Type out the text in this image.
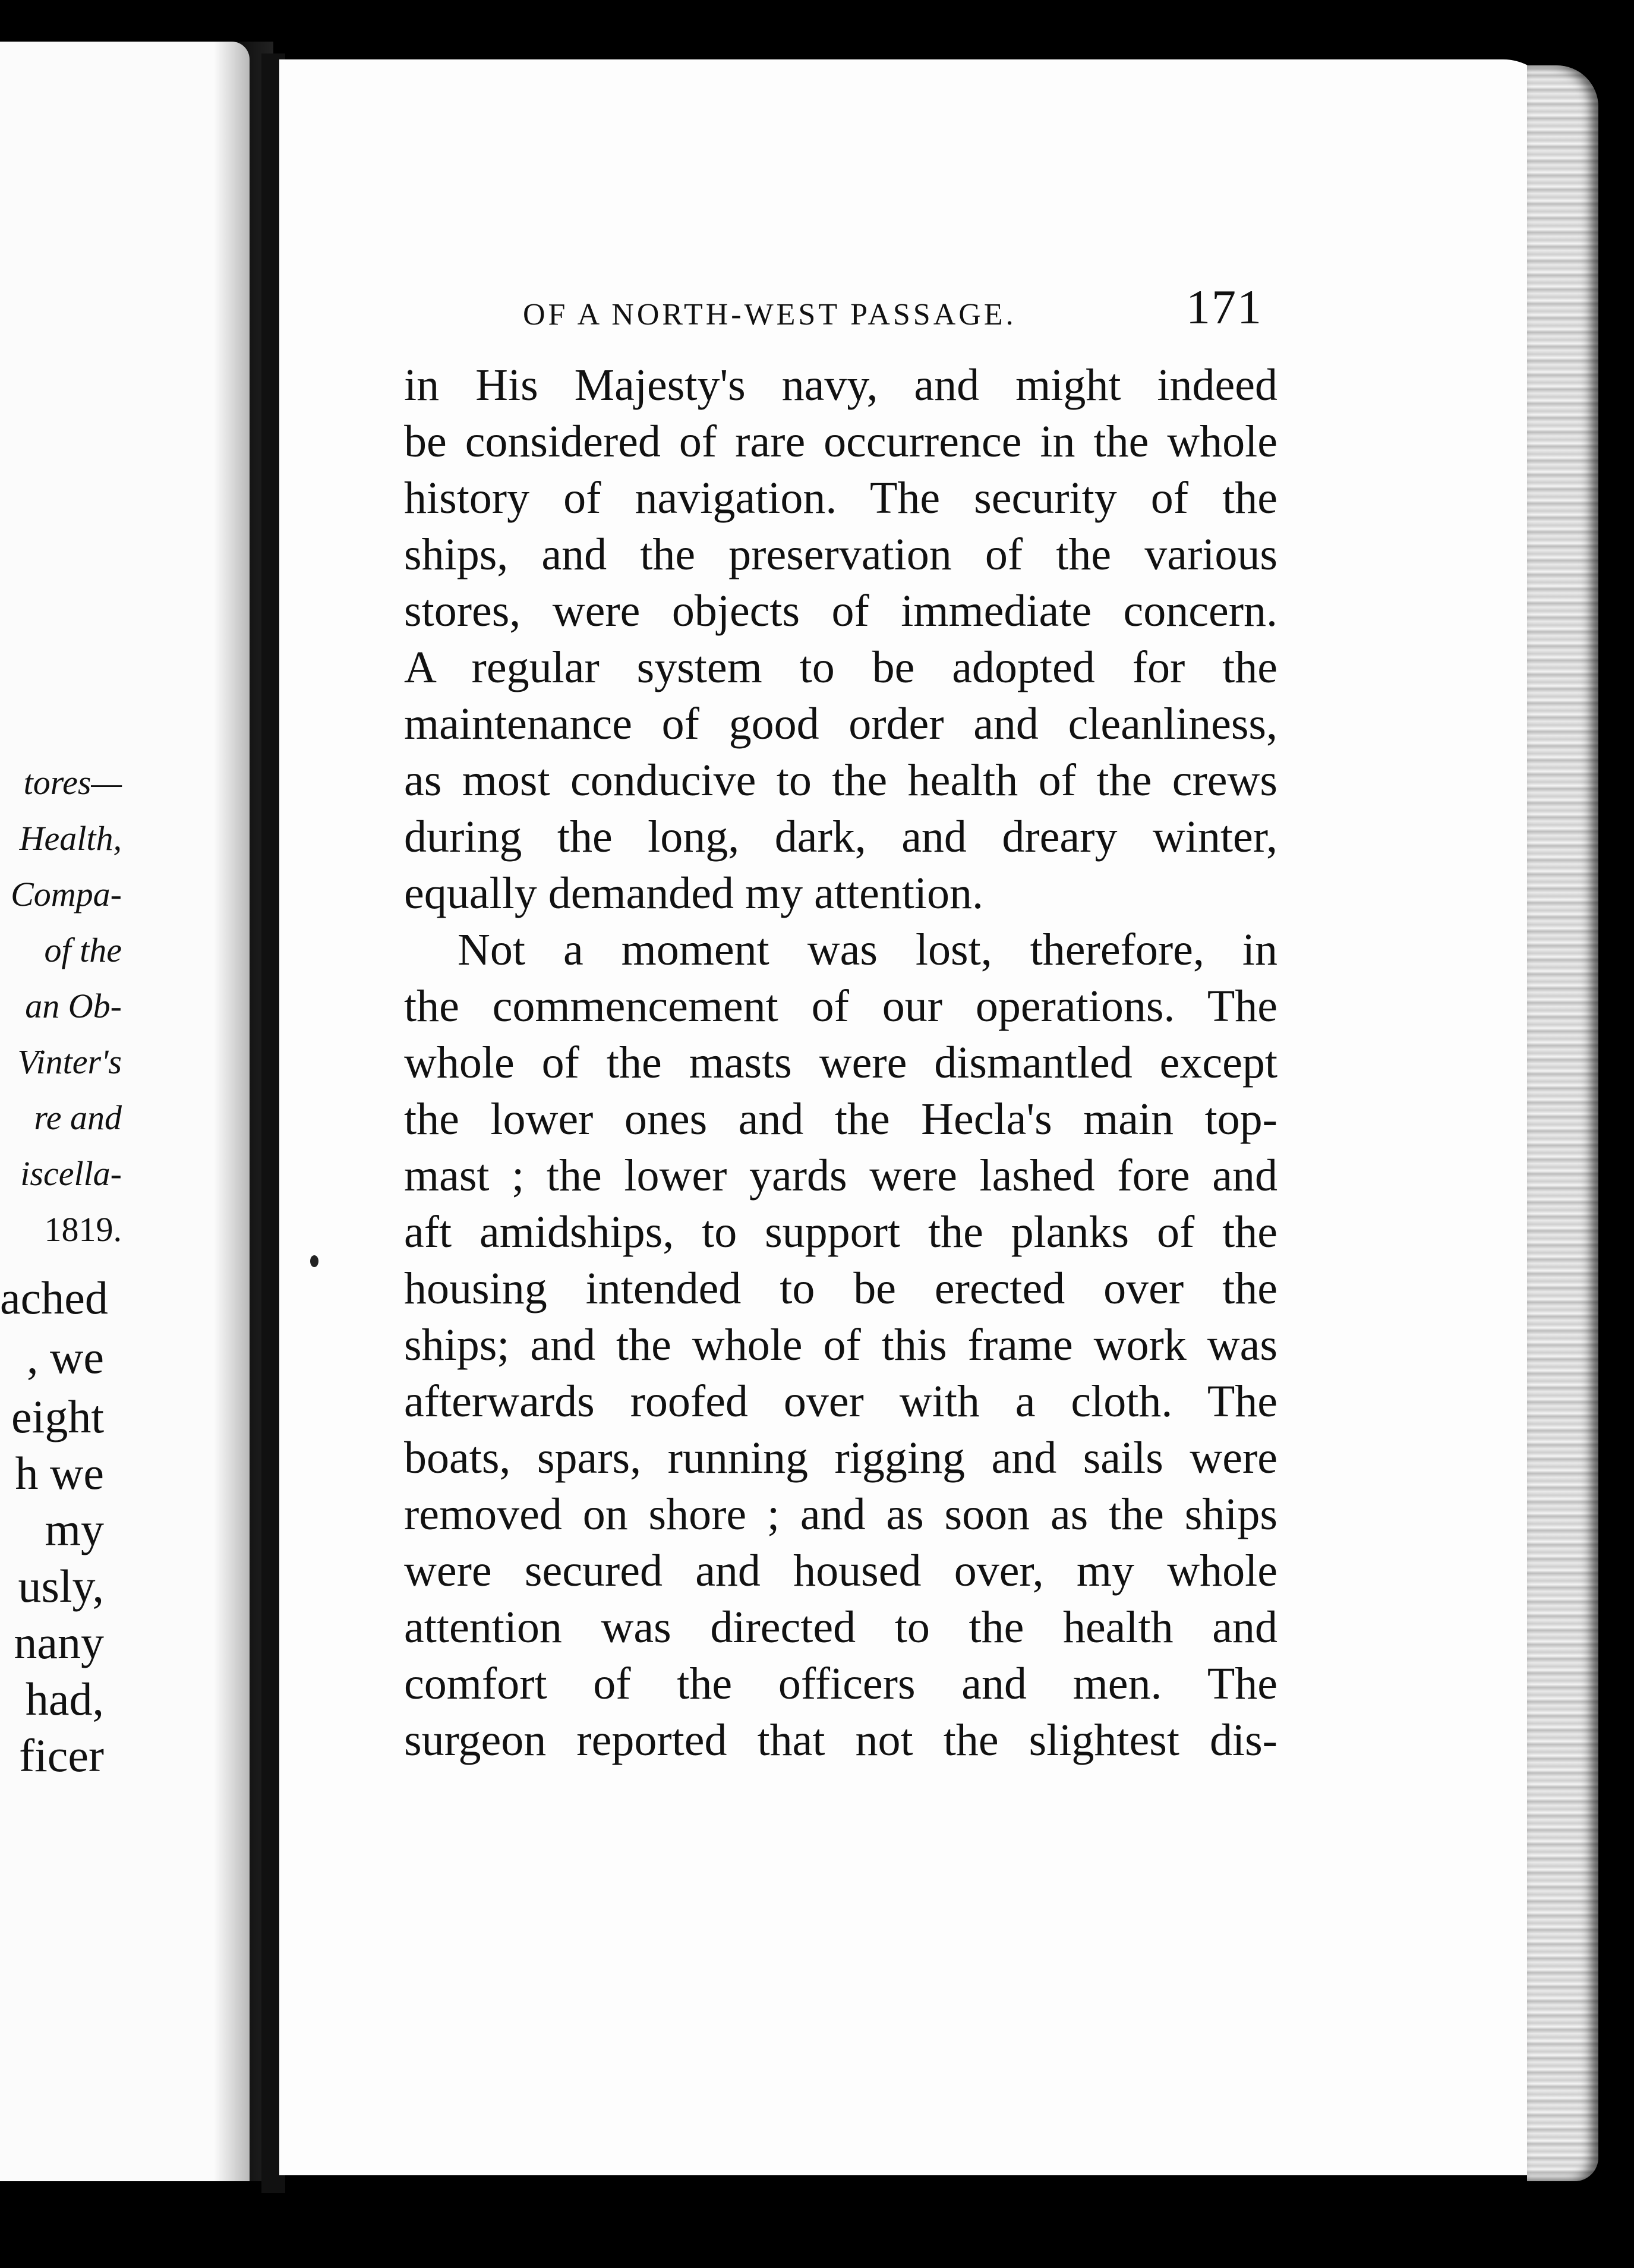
tores—
Health,
Compa-
of the
an Ob-
Vinter's
re and
iscella-
1819.
ached
, we
eight
h we
my
usly,
nany
had,
ficer
OF A NORTH-WEST PASSAGE.	171
in His Majesty's navy, and might indeed
be considered of rare occurrence in the whole
history of navigation. The security of the
ships, and the preservation of the various
stores, were objects of immediate concern.
A regular system to be adopted for the
maintenance of good order and cleanliness,
as most conducive to the health of the crews
during the long, dark, and dreary winter,
equally demanded my attention.
Not a moment was lost, therefore, in
the commencement of our operations. The
whole of the masts were dismantled except
the lower ones and the Hecla's main top-
mast ; the lower yards were lashed fore and
aft amidships, to support the planks of the
housing intended to be erected over the
ships; and the whole of this frame work was
afterwards roofed over with a cloth. The
boats, spars, running rigging and sails were
removed on shore ; and as soon as the ships
were secured and housed over, my whole
attention was directed to the health and
comfort of the officers and men. The
surgeon reported that not the slightest dis-
